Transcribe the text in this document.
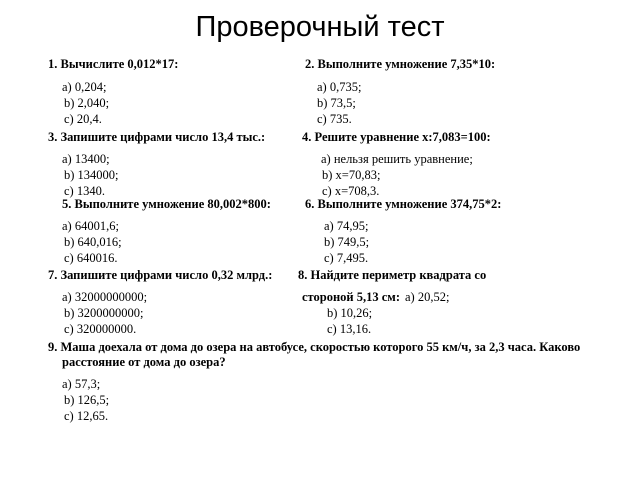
Проверочный тест
1. Вычислите 0,012*17:
a) 0,204;
b) 2,040;
c) 20,4.
2. Выполните умножение 7,35*10:
a) 0,735;
b) 73,5;
c) 735.
3. Запишите цифрами число 13,4 тыс.:
a) 13400;
b) 134000;
c) 1340.
4. Решите уравнение х:7,083=100:
a) нельзя решить уравнение;
b) х=70,83;
c) х=708,3.
5. Выполните умножение 80,002*800:
a) 64001,6;
b) 640,016;
c) 640016.
6. Выполните умножение 374,75*2:
a) 74,95;
b) 749,5;
c) 7,495.
7. Запишите цифрами число 0,32 млрд.:
a) 32000000000;
b) 3200000000;
c) 320000000.
8. Найдите периметр квадрата со
стороной 5,13 см: a) 20,52;
b) 10,26;
c) 13,16.
9. Маша доехала от дома до озера на автобусе, скоростью которого 55 км/ч, за 2,3 часа. Каково
расстояние от дома до озера?
a) 57,3;
b) 126,5;
c) 12,65.
